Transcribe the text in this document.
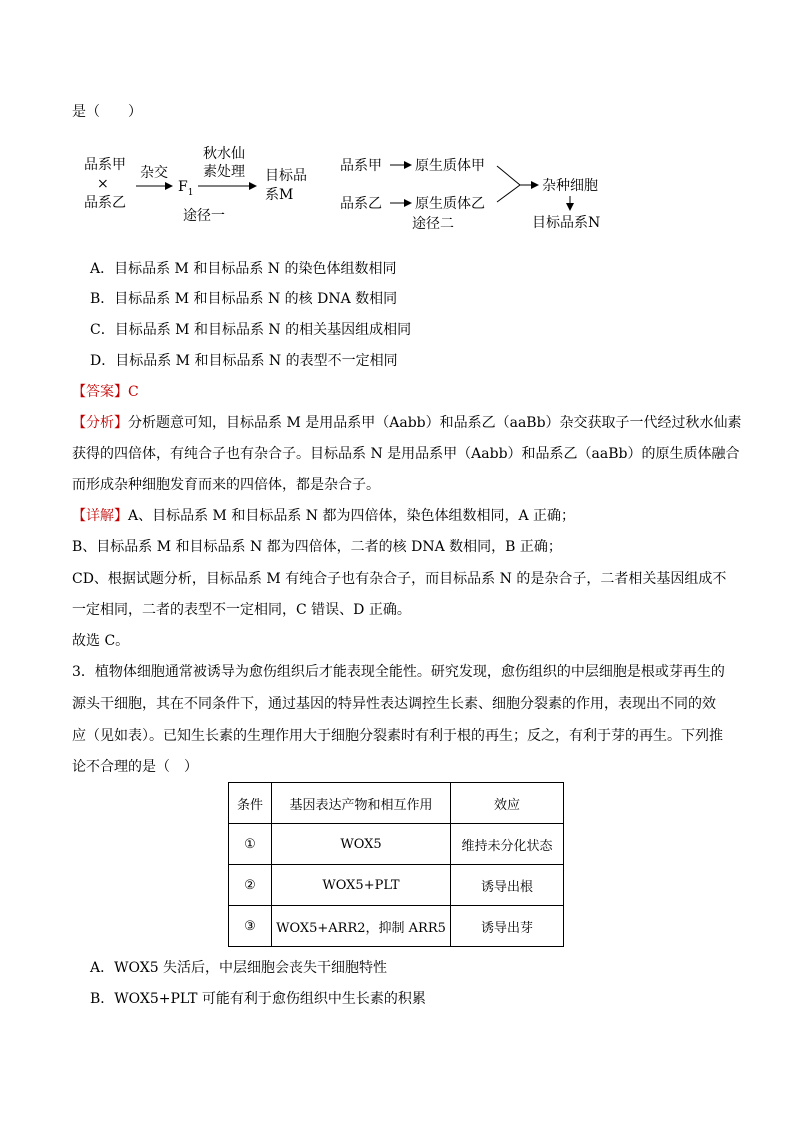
是（　　）
品系甲
×
品系乙
杂交
$F_1$
秋水仙
素处理 目标品
系M
途径一
品系甲 原生质体甲
品系乙 原生质体乙
杂种细胞
目标品系N
途径二
A．目标品系 M 和目标品系 N 的染色体组数相同
B．目标品系 M 和目标品系 N 的核 DNA 数相同
C．目标品系 M 和目标品系 N 的相关基因组成相同
D．目标品系 M 和目标品系 N 的表型不一定相同
【答案】C
【分析】分析题意可知，目标品系 M 是用品系甲（Aabb）和品系乙（aaBb）杂交获取子一代经过秋水仙素
获得的四倍体，有纯合子也有杂合子。目标品系 N 是用品系甲（Aabb）和品系乙（aaBb）的原生质体融合
而形成杂种细胞发育而来的四倍体，都是杂合子。
【详解】A、目标品系 M 和目标品系 N 都为四倍体，染色体组数相同，A 正确；
B、目标品系 M 和目标品系 N 都为四倍体，二者的核 DNA 数相同，B 正确；
CD、根据试题分析，目标品系 M 有纯合子也有杂合子，而目标品系 N 的是杂合子，二者相关基因组成不
一定相同，二者的表型不一定相同，C 错误、D 正确。
故选 C。
3．植物体细胞通常被诱导为愈伤组织后才能表现全能性。研究发现，愈伤组织的中层细胞是根或芽再生的
源头干细胞，其在不同条件下，通过基因的特异性表达调控生长素、细胞分裂素的作用，表现出不同的效
应（见如表）。已知生长素的生理作用大于细胞分裂素时有利于根的再生；反之，有利于芽的再生。下列推
论不合理的是（　）
条件	基因表达产物和相互作用	效应
①	WOX5	维持未分化状态
②	WOX5+PLT	诱导出根
③	WOX5+ARR2，抑制 ARR5	诱导出芽
A．WOX5 失活后，中层细胞会丧失干细胞特性
B．WOX5+PLT 可能有利于愈伤组织中生长素的积累
